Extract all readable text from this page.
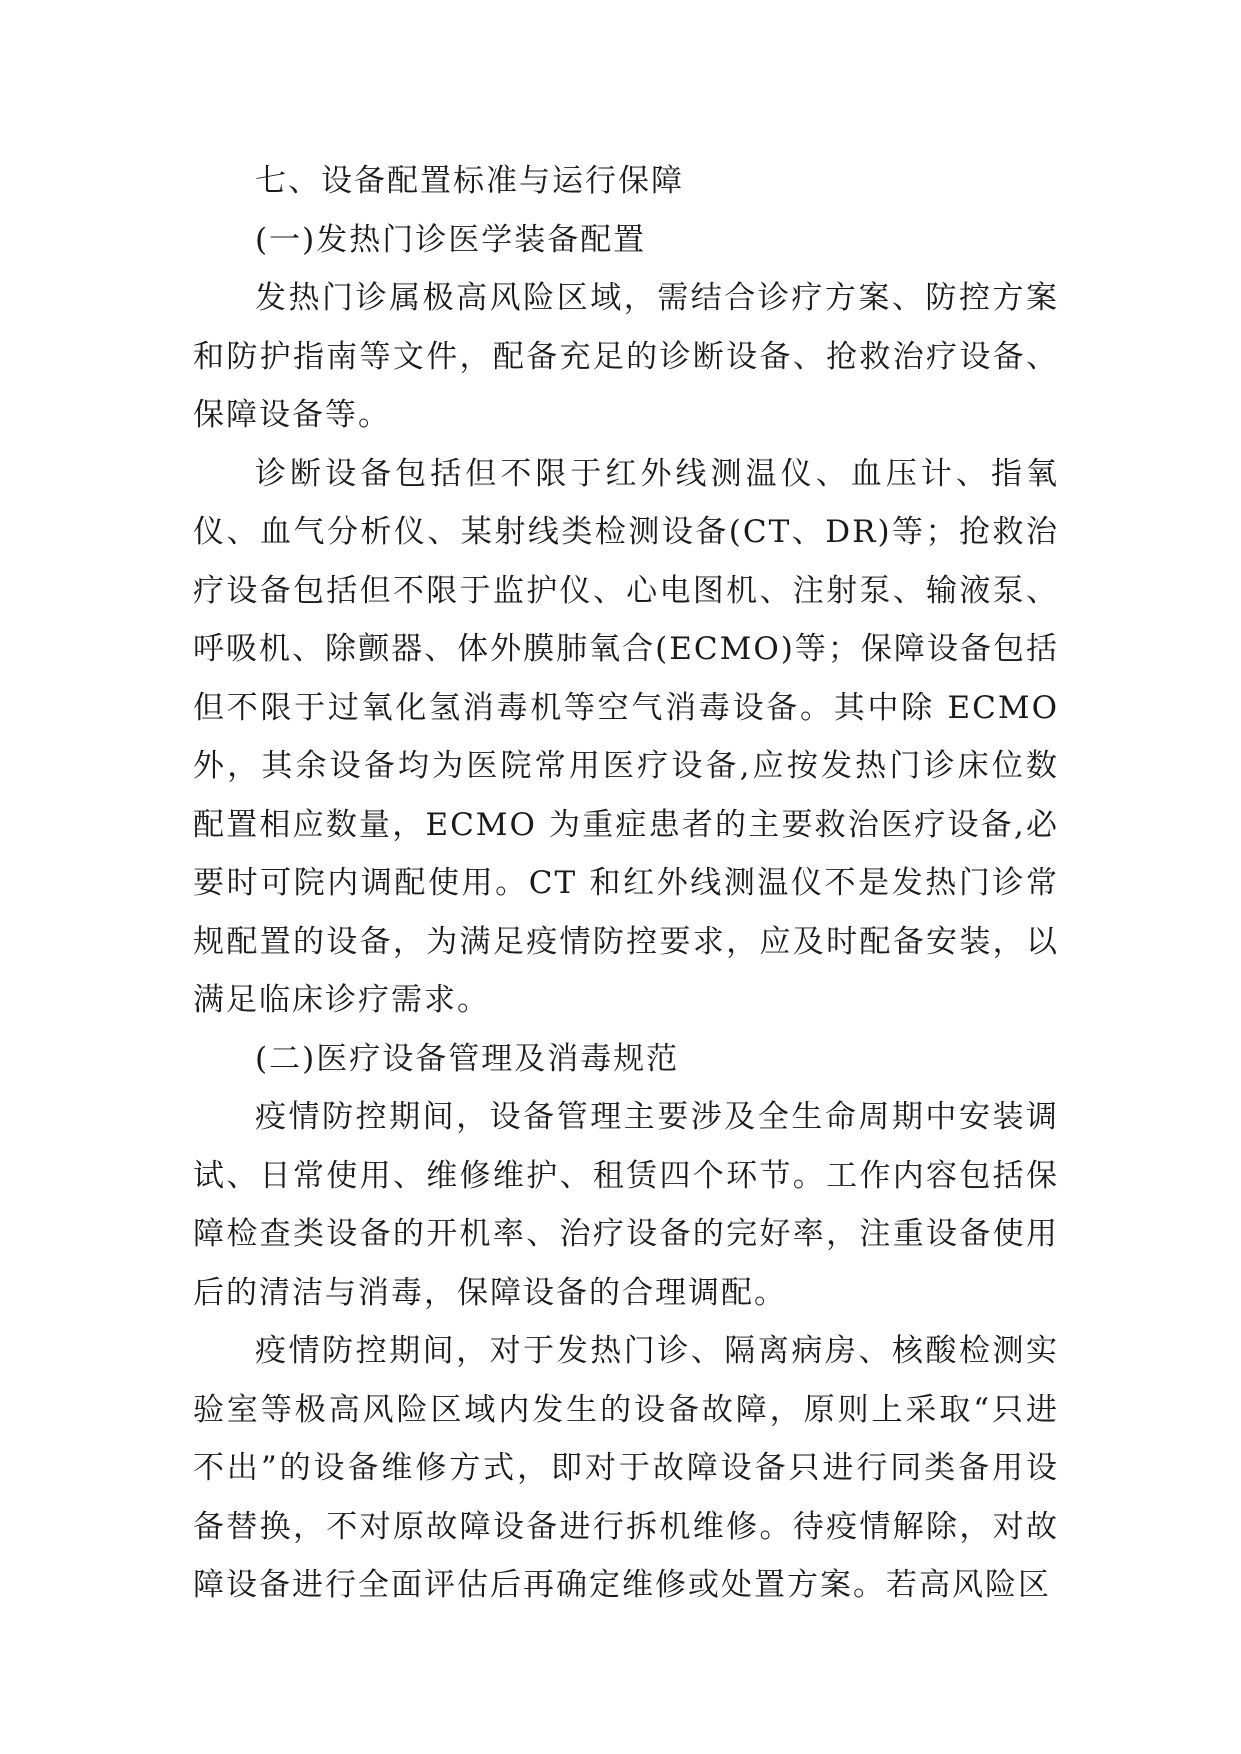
七、设备配置标准与运行保障

(一)发热门诊医学装备配置

发热门诊属极高风险区域，需结合诊疗方案、防控方案和防护指南等文件，配备充足的诊断设备、抢救治疗设备、保障设备等。

诊断设备包括但不限于红外线测温仪、血压计、指氧仪、血气分析仪、某射线类检测设备(CT、DR)等；抢救治疗设备包括但不限于监护仪、心电图机、注射泵、输液泵、呼吸机、除颤器、体外膜肺氧合(ECMO)等；保障设备包括但不限于过氧化氢消毒机等空气消毒设备。其中除 ECMO 外，其余设备均为医院常用医疗设备,应按发热门诊床位数配置相应数量，ECMO 为重症患者的主要救治医疗设备,必要时可院内调配使用。CT 和红外线测温仪不是发热门诊常规配置的设备，为满足疫情防控要求，应及时配备安装，以满足临床诊疗需求。

(二)医疗设备管理及消毒规范

疫情防控期间，设备管理主要涉及全生命周期中安装调试、日常使用、维修维护、租赁四个环节。工作内容包括保障检查类设备的开机率、治疗设备的完好率，注重设备使用后的清洁与消毒，保障设备的合理调配。

疫情防控期间，对于发热门诊、隔离病房、核酸检测实验室等极高风险区域内发生的设备故障，原则上采取“只进不出”的设备维修方式，即对于故障设备只进行同类备用设备替换，不对原故障设备进行拆机维修。待疫情解除，对故障设备进行全面评估后再确定维修或处置方案。若高风险区
